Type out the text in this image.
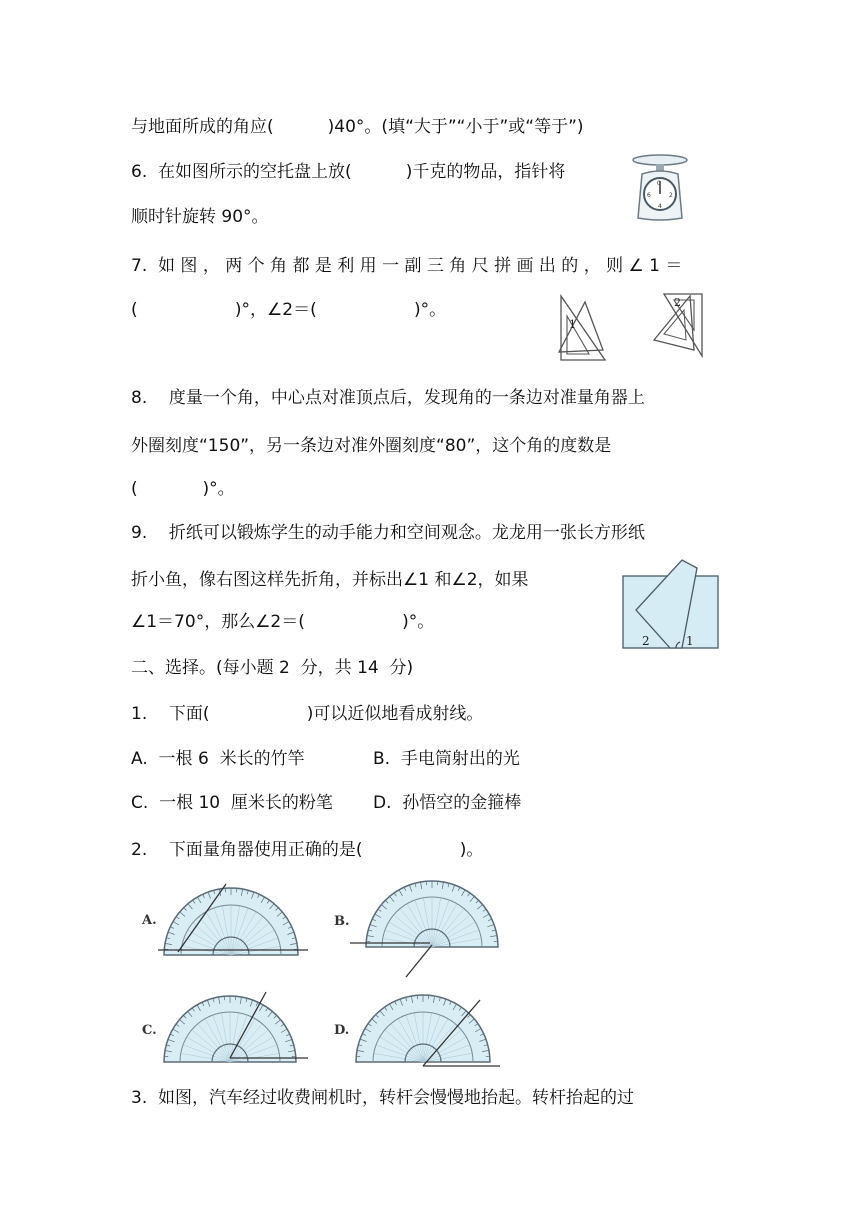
与地面所成的角应(          )40°。(填“大于”“小于”或“等于”)
6.  在如图所示的空托盘上放(          )千克的物品，指针将
顺时针旋转 90°。
0
6	2
4
7.  如 图 ， 两 个 角 都 是 利 用 一 副 三 角 尺 拼 画 出 的 ， 则 ∠ 1 ＝
(                  )°，∠2＝(                  )°。
1
2
8.    度量一个角，中心点对准顶点后，发现角的一条边对准量角器上
外圈刻度“150”，另一条边对准外圈刻度“80”，这个角的度数是
(            )°。
9.    折纸可以锻炼学生的动手能力和空间观念。龙龙用一张长方形纸
折小鱼，像右图这样先折角，并标出∠1 和∠2，如果
∠1＝70°，那么∠2＝(                  )°。
2	1
二、选择。(每小题 2  分，共 14  分)
1.    下面(                  )可以近似地看成射线。
A.  一根 6  米长的竹竿	B.  手电筒射出的光
C.  一根 10  厘米长的粉笔 D.  孙悟空的金箍棒
2.    下面量角器使用正确的是(                  )。
A.	B.
C.	D.
3.  如图，汽车经过收费闸机时，转杆会慢慢地抬起。转杆抬起的过
